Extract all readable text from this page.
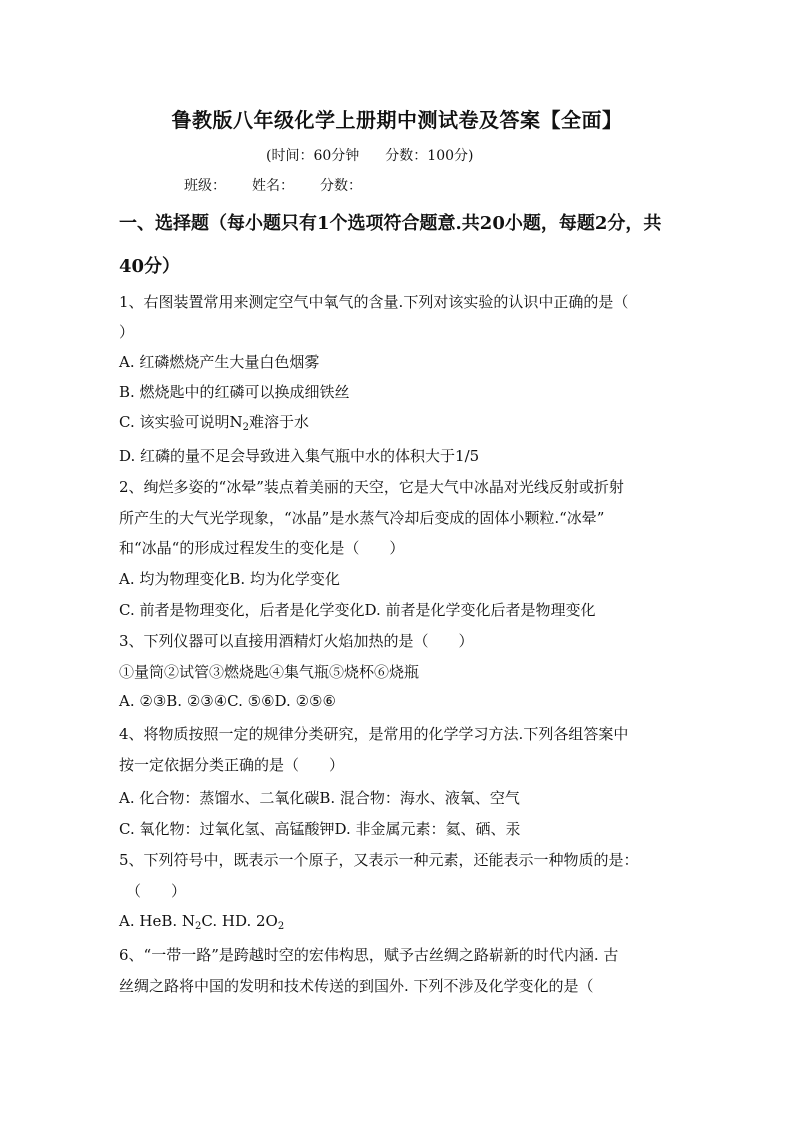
鲁教版八年级化学上册期中测试卷及答案【全面】
(时间：60分钟 分数：100分)
班级： 姓名： 分数：
一、选择题（每小题只有1个选项符合题意.共20小题，每题2分，共
40分）
1、右图装置常用来测定空气中氧气的含量.下列对该实验的认识中正确的是（
）
A. 红磷燃烧产生大量白色烟雾
B. 燃烧匙中的红磷可以换成细铁丝
C. 该实验可说明$N_2$难溶于水
D. 红磷的量不足会导致进入集气瓶中水的体积大于1/5
2、绚烂多姿的“冰晕”装点着美丽的天空，它是大气中冰晶对光线反射或折射
所产生的大气光学现象，“冰晶”是水蒸气冷却后变成的固体小颗粒.“冰晕”
和“冰晶“的形成过程发生的变化是（　　）
A. 均为物理变化B. 均为化学变化
C. 前者是物理变化，后者是化学变化D. 前者是化学变化后者是物理变化
3、下列仪器可以直接用酒精灯火焰加热的是（　　）
①量筒②试管③燃烧匙④集气瓶⑤烧杯⑥烧瓶
A. ②③B. ②③④C. ⑤⑥D. ②⑤⑥
4、将物质按照一定的规律分类研究，是常用的化学学习方法.下列各组答案中
按一定依据分类正确的是（　　）
A. 化合物：蒸馏水、二氧化碳B. 混合物：海水、液氧、空气
C. 氧化物：过氧化氢、高锰酸钾D. 非金属元素：氦、硒、汞
5、下列符号中，既表示一个原子，又表示一种元素，还能表示一种物质的是：
（　　）
A. HeB. $N_2C$. HD. $2O_2$
6、“一带一路”是跨越时空的宏伟构思，赋予古丝绸之路崭新的时代内涵. 古
丝绸之路将中国的发明和技术传送的到国外. 下列不涉及化学变化的是（
